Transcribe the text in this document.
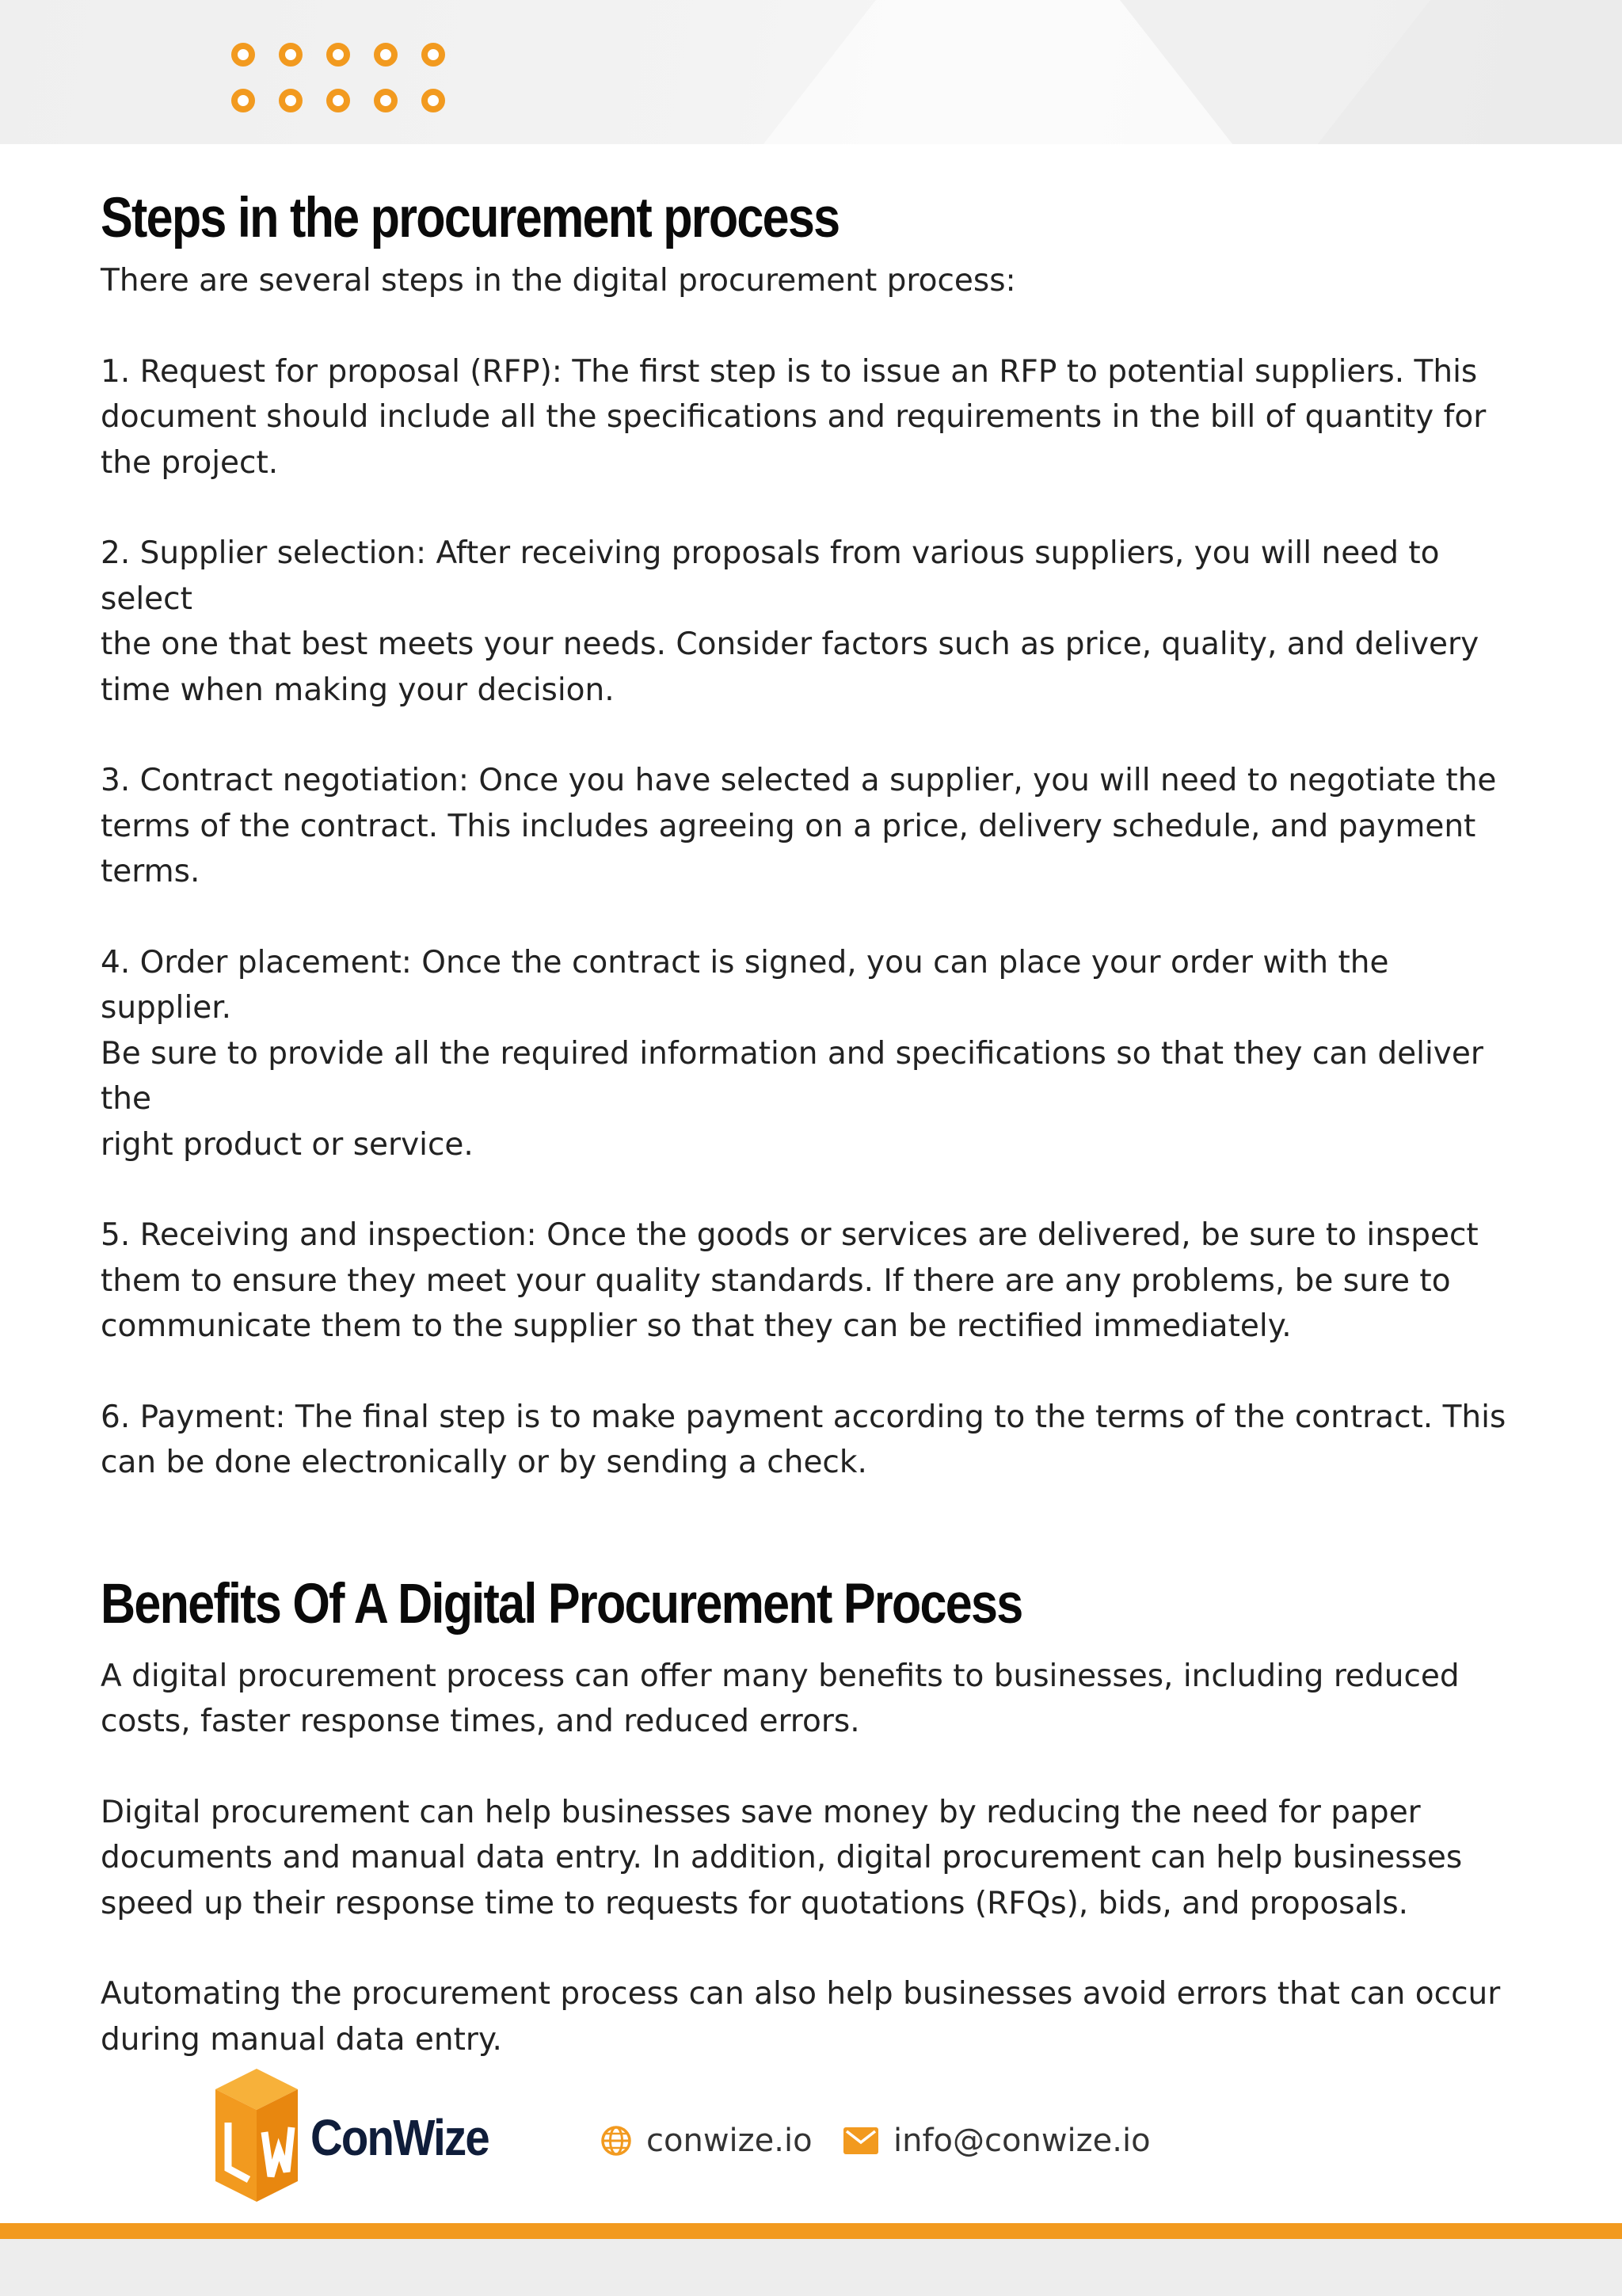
Steps in the procurement process

There are several steps in the digital procurement process:

1. Request for proposal (RFP): The first step is to issue an RFP to potential suppliers. This
document should include all the specifications and requirements in the bill of quantity for
the project.

2. Supplier selection: After receiving proposals from various suppliers, you will need to select
the one that best meets your needs. Consider factors such as price, quality, and delivery
time when making your decision.

3. Contract negotiation: Once you have selected a supplier, you will need to negotiate the
terms of the contract. This includes agreeing on a price, delivery schedule, and payment
terms.

4. Order placement: Once the contract is signed, you can place your order with the supplier.
Be sure to provide all the required information and specifications so that they can deliver the
right product or service.

5. Receiving and inspection: Once the goods or services are delivered, be sure to inspect
them to ensure they meet your quality standards. If there are any problems, be sure to
communicate them to the supplier so that they can be rectified immediately.

6. Payment: The final step is to make payment according to the terms of the contract. This
can be done electronically or by sending a check.

Benefits Of A Digital Procurement Process

A digital procurement process can offer many benefits to businesses, including reduced
costs, faster response times, and reduced errors.

Digital procurement can help businesses save money by reducing the need for paper
documents and manual data entry. In addition, digital procurement can help businesses
speed up their response time to requests for quotations (RFQs), bids, and proposals.

Automating the procurement process can also help businesses avoid errors that can occur
during manual data entry.

ConWize	conwize.io	info@conwize.io
